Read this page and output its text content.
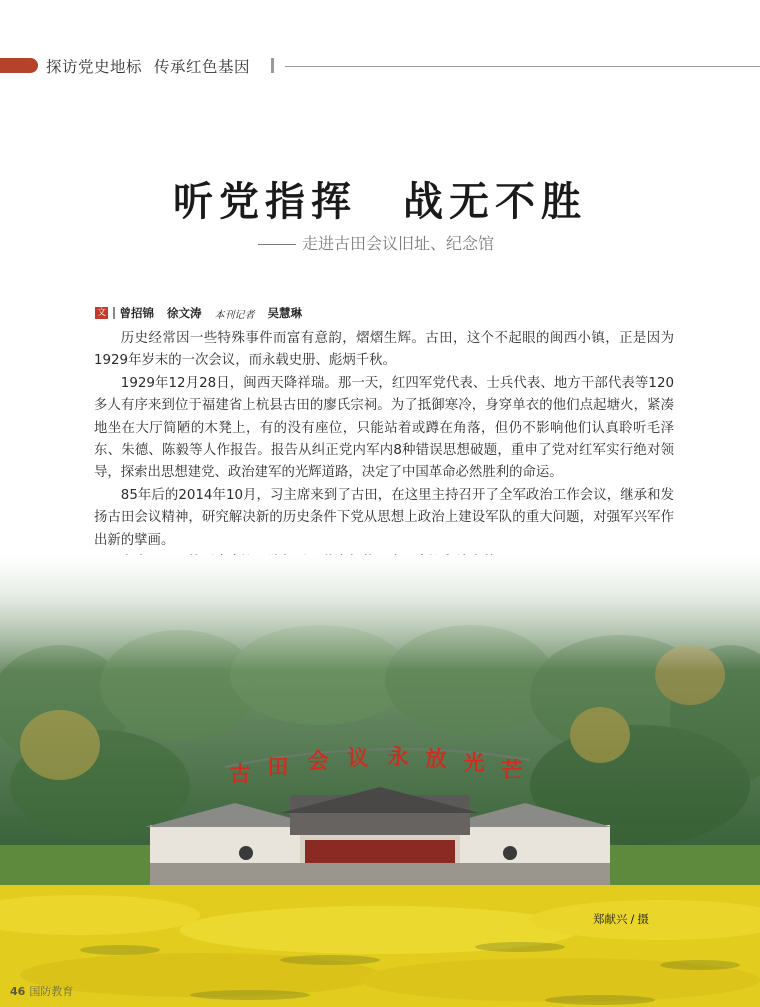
探访党史地标 传承红色基因
听党指挥　战无不胜
走进古田会议旧址、纪念馆
文 曾招锦 徐文涛 本刊记者 吴慧琳

历史经常因一些特殊事件而富有意韵，熠熠生辉。古田，这个不起眼的闽西小镇，正是因为1929年岁末的一次会议，而永载史册、彪炳千秋。

1929年12月28日，闽西天降祥瑞。那一天，红四军党代表、士兵代表、地方干部代表等120多人有序来到位于福建省上杭县古田的廖氏宗祠。为了抵御寒冷，身穿单衣的他们点起塘火，紧凑地坐在大厅简陋的木凳上，有的没有座位，只能站着或蹲在角落，但仍不影响他们认真聆听毛泽东、朱德、陈毅等人作报告。报告从纠正党内军内8种错误思想破题，重申了党对红军实行绝对领导，探索出思想建党、政治建军的光辉道路，决定了中国革命必然胜利的命运。

85年后的2014年10月，习主席来到了古田，在这里主持召开了全军政治工作会议，继承和发扬古田会议精神，研究解决新的历史条件下党从思想上政治上建设军队的重大问题，对强军兴军作出新的擘画。

古 田 会 议 永 放 光 芒
郑献兴 / 摄
46 国防教育
